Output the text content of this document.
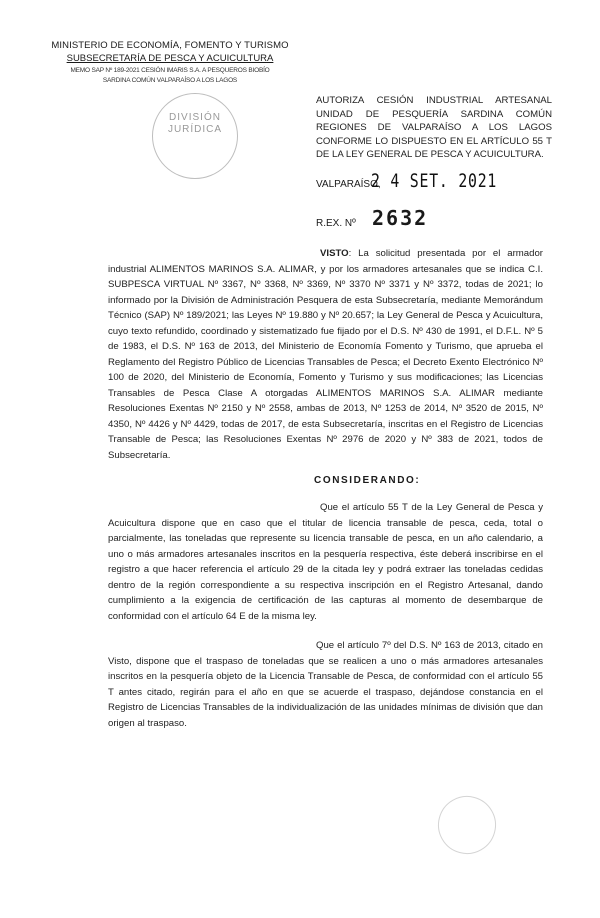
MINISTERIO DE ECONOMÍA, FOMENTO Y TURISMO
SUBSECRETARÍA DE PESCA Y ACUICULTURA
MEMO SAP Nº 189-2021 CESIÓN IMARIS S.A. A PESQUEROS BIOBÍO
SARDINA COMÚN VALPARAÍSO A LOS LAGOS
DIVISIÓN JURÍDICA
AUTORIZA CESIÓN INDUSTRIAL ARTESANAL UNIDAD DE PESQUERÍA SARDINA COMÚN REGIONES DE VALPARAÍSO A LOS LAGOS CONFORME LO DISPUESTO EN EL ARTÍCULO 55 T DE LA LEY GENERAL DE PESCA Y ACUICULTURA.
VALPARAÍSO,
2 4 SET. 2021
R.EX. Nº 2632
VISTO: La solicitud presentada por el armador industrial ALIMENTOS MARINOS S.A. ALIMAR, y por los armadores artesanales que se indica C.I. SUBPESCA VIRTUAL Nº 3367, Nº 3368, Nº 3369, Nº 3370 Nº 3371 y Nº 3372, todas de 2021; lo informado por la División de Administración Pesquera de esta Subsecretaría, mediante Memorándum Técnico (SAP) Nº 189/2021; las Leyes Nº 19.880 y Nº 20.657; la Ley General de Pesca y Acuicultura, cuyo texto refundido, coordinado y sistematizado fue fijado por el D.S. Nº 430 de 1991, el D.F.L. Nº 5 de 1983, el D.S. Nº 163 de 2013, del Ministerio de Economía Fomento y Turismo, que aprueba el Reglamento del Registro Público de Licencias Transables de Pesca; el Decreto Exento Electrónico Nº 100 de 2020, del Ministerio de Economía, Fomento y Turismo y sus modificaciones; las Licencias Transables de Pesca Clase A otorgadas ALIMENTOS MARINOS S.A. ALIMAR mediante Resoluciones Exentas Nº 2150 y Nº 2558, ambas de 2013, Nº 1253 de 2014, Nº 3520 de 2015, Nº 4350, Nº 4426 y Nº 4429, todas de 2017, de esta Subsecretaría, inscritas en el Registro de Licencias Transable de Pesca; las Resoluciones Exentas Nº 2976 de 2020 y Nº 383 de 2021, todos de Subsecretaría.
CONSIDERANDO:
Que el artículo 55 T de la Ley General de Pesca y Acuicultura dispone que en caso que el titular de licencia transable de pesca, ceda, total o parcialmente, las toneladas que represente su licencia transable de pesca, en un año calendario, a uno o más armadores artesanales inscritos en la pesquería respectiva, éste deberá inscribirse en el registro a que hacer referencia el artículo 29 de la citada ley y podrá extraer las toneladas cedidas dentro de la región correspondiente a su respectiva inscripción en el Registro Artesanal, dando cumplimiento a la exigencia de certificación de las capturas al momento de desembarque de conformidad con el artículo 64 E de la misma ley.
Que el artículo 7º del D.S. Nº 163 de 2013, citado en Visto, dispone que el traspaso de toneladas que se realicen a uno o más armadores artesanales inscritos en la pesquería objeto de la Licencia Transable de Pesca, de conformidad con el artículo 55 T antes citado, regirán para el año en que se acuerde el traspaso, dejándose constancia en el Registro de Licencias Transables de la individualización de las unidades mínimas de división que dan origen al traspaso.
